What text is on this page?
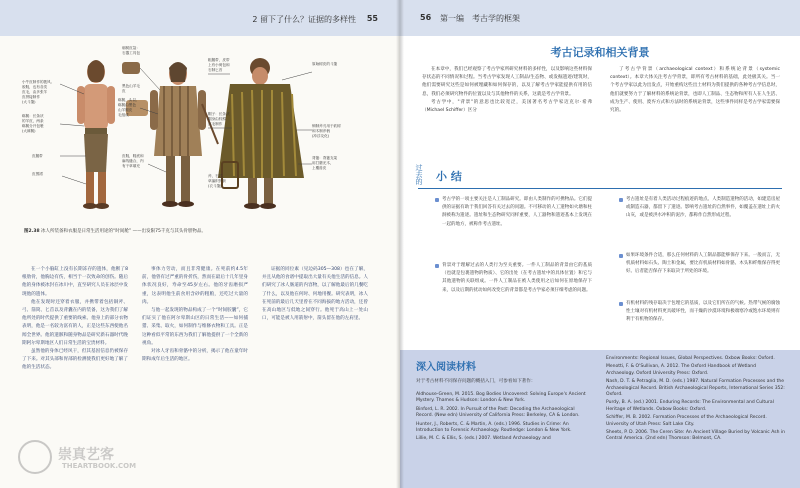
2 留下了什么？证据的多样性 55
小牛皮制作的披风,
胶鞋，也有各类
皮毛，由多张羊
皮拼接制作
(大斗篷)
绑腿：长条状
的羊皮，两条
绑腿分开包裹
(大裤腿)
皮腰带
皮围裙
朝树皮袋：
石器工具包
黑色山羊毛
皮
绑腿、头以,
绑腿由黑色
山羊腿皮
毛组成
皮鞋，鞋底和
麻线缝合，内
有干草填充
粗腰带，皮带
上有小荷包和
石制匕首
帽子：长条状
帽身由棕熊
皮毛制作
斧，石芯、
草编织护套
(衣斗篷)
原始树皮的斗篷
铜制斧刃用于砍树
和木制斧柄
(冲浮友化)
背篓：背篓支架
用打磨光木，
上覆兽皮
图2.38 冰人所装备和衣服是日常生活用途的“时间舱” ——出发限75千克与其头骨胆物品。

在一个小脑缸上没有长期冻存的遗体，他断了8根肋骨，他胸边有伤，相当于一次致命的创伤。随后他的身体被冰封在冰川中，直至研究人员在冰层中发现他的遗体。

他在发现时还穿着衣服，并携带着包括铜斧、弓、箭筒、匕首以及背囊在内的装备，这为我们了解他所处的时代提供了重要的线索。他身上的部分衣物表明，他是一名较为富有的人，正是这些东西使他名闻全世界。他的遗骸和随身物品是研究新石器时代晚期阿尔卑斯地区人们日常生活的宝贵材料。

虽然他的身体已经风干，但其基因信息仍被保存了下来。对其头部和胃部的检测使我们更好地了解了他的生活状态。

事体力劳动，而且非常健康。在死前约4.5年前，他曾有过严重的骨折伤，然而在最后十几年里身体状况良好，寿命至45岁左右。他的牙齿磨损严重，这表明他生前食用含砂的粗粮，还吃过大量的肉。

与他一起发现的物品构成了一个“时间胶囊”，它们证实了他在阿尔卑斯山区的日常生活——如何捕猎、采集、取火，如何制作与维修衣物和工具。正是这种看似平常的东西为我们了解他提供了一个全新的视角。

对冰人牙齿和骨骼中的分析，揭示了他在童年时期和成年后生活的地区。

证据的同位素（见边码305—308）也在了解，并且从他的食谱中提取出大量有关他生活的信息。人们研究了冰人肠道的内容物，以了解他最后的几餐吃了什么，以及他在何时、何地用餐。研究表明，冰人在死前的最后几天里曾在不同海拔的地方活动，还曾在高山地区与低地之间穿行。他死于高山上一处山口，可能是被人用箭射中，箭头留在他的左肩里。

崇真艺客
THEARTBOOK.COM
56 第一编　考古学的框架
考古记录和相关背景

在本章中，我们已经观察了考古学家所研究材料的多样性，以及影响这些材料保存状态的不同情况和过程。当考古学家发现人工制品/生态物、或发掘遗迹/建筑时，他们需要研究这些是如何被埋藏和如何保存的，以及了解考古学家能提供有用的信息，我们必须研究物件的位置以及与其他物件的关系，这就是考古学背景。

考古学中，"背景"的意思也比较宽泛，美国著名考古学家迈克尔·希弗（Michael Schiffer）区分

了考古学背景（archaeological context）和系统论背景（systemic context）。本章大体关注考古学背景，即所有考古材料的基础，此处极其关。当一个考古学家以此为出发点，开始重构这些出土材料为我们提供的各种考古学信息时，他们就要努力于了解材料的系统论背景，也即人工制品、生态物和所有人在人生活、成为生产、使用、废弃方式和方法时的系统论背景，这些事件同样是考古学家需要探究的。

过去的 小 结
考古学的一项主要关注是人工制品研究。即由人类制作的可携物品。它们提供的证据有助于我们回答有关过去的问题。不可移动的人工遗物如火塘和柱洞被称为遗迹。遗址和生态物研究同样重要，人工器物和遗迹基本上发现在一起的地方，被称作考古遗址。
背景对于理解过去的人类行为至关重要。一件人工制品的背景由它的基质（也就是包裹遗物的物质）、它的出处（在考古遗址中的具体位置）和它与其他遗物的关联组成。一件人工制品在被人类使用之后如何在原地保存下来，以及后期的扰动如何改变它的背景都是考古学家必须仔细考虑的问题。
考古遗址是有着人类活动过程痕迹的地点。人类制造遗物的活动，如建造房屋或制造石器，都留下了遗迹。影响考古遗址的自然事件，如覆盖在遗址上的火山灰，或是被洪水冲积的泥沙，都称作自然形成过程。
如果环境条件合适，那么任何材料的人工制品都能够保存下来。一般而言，无机质材料如石头、陶土和金属，要比有机质材料如骨骼、木头和纤维保存得更好。后者能否保存下来取决于所处的环境。
有机材料的残存取决于包埋它的基质，以及它们所在的气候。热带气候的腐蚀性土壤对有机材料更具破坏性，而干燥的沙漠环境和极端寒冷或饱水环境则有利于有机物的保存。
深入阅读材料
对于考古材料不同保存问题的概括入门，可参看如下著作：
Aldhouse-Green, M. 2015. Bog Bodies Uncovered: Solving Europe's Ancient Mystery. Thames & Hudson: London & New York.
Binford, L. R. 2002. In Pursuit of the Past: Decoding the Archaeological Record. (New edn) University of California Press: Berkeley, CA & London.
Hunter, J., Roberts, C. & Martin, A. (eds.) 1996. Studies in Crime: An Introduction to Forensic Archaeology. Routledge: London & New York.
Lillie, M. C. & Ellis, S. (eds.) 2007. Wetland Archaeology and
Environments: Regional Issues, Global Perspectives. Oxbow Books: Oxford.
Menotti, F. & O'Sullivan, A. 2012. The Oxford Handbook of Wetland Archaeology. Oxford University Press: Oxford.
Nash, D. T. & Petraglia, M. D. (eds.) 1987. Natural Formation Processes and the Archaeological Record. British Archaeological Reports, International Series 352: Oxford.
Purdy, B. A. (ed.) 2001. Enduring Records: The Environmental and Cultural Heritage of Wetlands. Oxbow Books: Oxford.
Schiffer, M. B. 2002. Formation Processes of the Archaeological Record. University of Utah Press: Salt Lake City.
Sheets, P. D. 2006. The Ceren Site: An Ancient Village Buried by Volcanic Ash in Central America. (2nd edn) Thomson: Belmont, CA.
